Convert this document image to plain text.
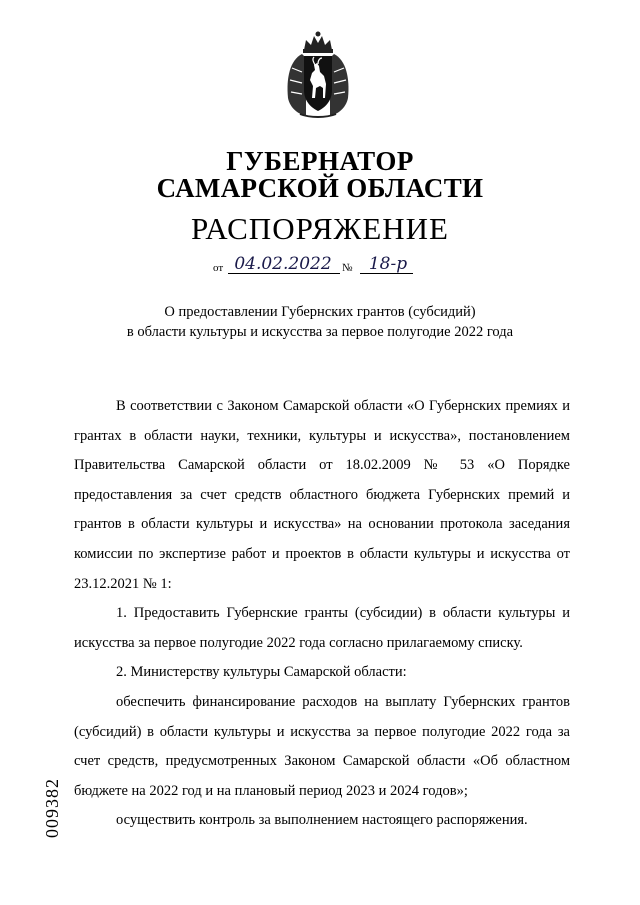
ГУБЕРНАТОР
САМАРСКОЙ ОБЛАСТИ
РАСПОРЯЖЕНИЕ
от 04.02.2022 № 18-р
О предоставлении Губернских грантов (субсидий)
в области культуры и искусства за первое полугодие 2022 года

В соответствии с Законом Самарской области «О Губернских премиях и грантах в области науки, техники, культуры и искусства», постановлением Правительства Самарской области от 18.02.2009 № 53 «О Порядке предоставления за счет средств областного бюджета Губернских премий и грантов в области культуры и искусства» на основании протокола заседания комиссии по экспертизе работ и проектов в области культуры и искусства от 23.12.2021 № 1:

1. Предоставить Губернские гранты (субсидии) в области культуры и искусства за первое полугодие 2022 года согласно прилагаемому списку.

2. Министерству культуры Самарской области:

обеспечить финансирование расходов на выплату Губернских грантов (субсидий) в области культуры и искусства за первое полугодие 2022 года за счет средств, предусмотренных Законом Самарской области «Об областном бюджете на 2022 год и на плановый период 2023 и 2024 годов»;

осуществить контроль за выполнением настоящего распоряжения.

009382
